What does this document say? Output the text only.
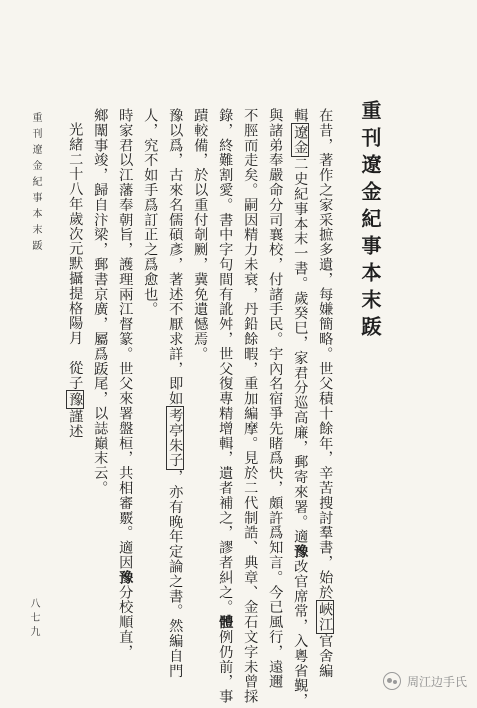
重刊遼金紀事本末䟦
八七九
重刊遼金紀事本末䟦
在昔，著作之家采摭多遺，每嫌簡略。世父積十餘年，辛苦搜討羣書，始於峽江官舍編
輯遼金二史紀事本末一書。歲癸巳，家君分巡高廉，郵寄來署。適豫改官席常，入粵省覲，
與諸弟奉嚴命分司襄校，付諸手民。宇內名宿爭先睹爲快，頗許爲知言。今已風行，遠邇
不脛而走矣。嗣因精力未衰，丹鉛餘暇，重加編摩。見於二代制誥、典章、金石文字未曾採
錄，終難割愛。書中字句間有訛舛，世父復專精增輯，遺者補之，謬者糾之。體例仍前，事
蹟較備，於以重付剞劂，冀免遺憾焉。
豫以爲，古來名儒碩彥，著述不厭求詳，即如考亭朱子，亦有晚年定論之書。然編自門
人，究不如手爲訂正之爲愈也。
時家君以江藩奉朝旨，護理兩江督篆。世父來署盤桓，共相審覈。適因豫分校順直，
鄉闈事竣，歸自汴梁，郵書京廣，屬爲䟦尾，以誌巔末云。
光緒二十八年歲次元默攝提格陽月　從子豫謹述
周江边手氏
